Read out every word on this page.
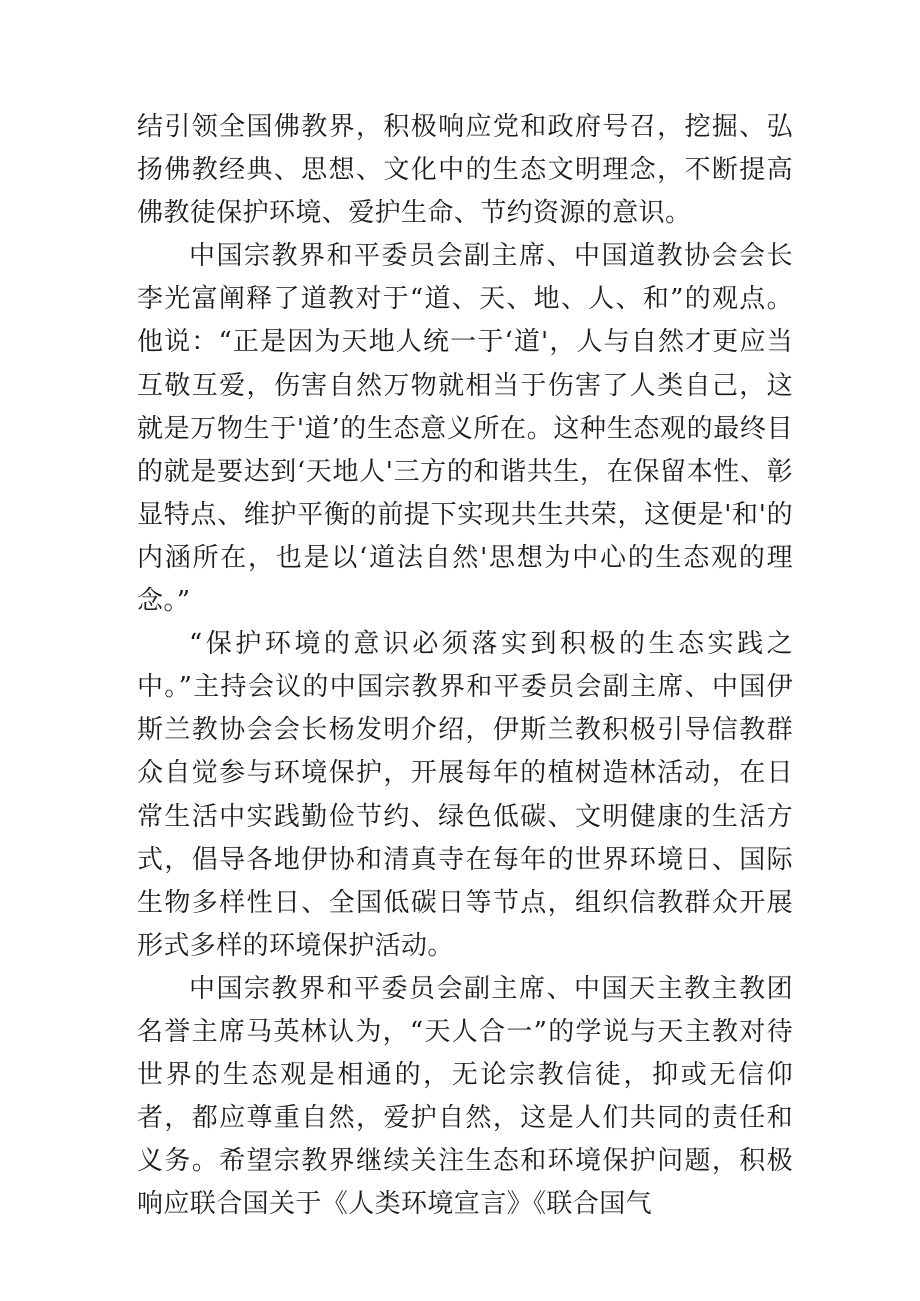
结引领全国佛教界，积极响应党和政府号召，挖掘、弘扬佛教经典、思想、文化中的生态文明理念，不断提高佛教徒保护环境、爱护生命、节约资源的意识。

中国宗教界和平委员会副主席、中国道教协会会长李光富阐释了道教对于“道、天、地、人、和”的观点。他说：“正是因为天地人统一于‘道'，人与自然才更应当互敬互爱，伤害自然万物就相当于伤害了人类自己，这就是万物生于'道’的生态意义所在。这种生态观的最终目的就是要达到‘天地人'三方的和谐共生，在保留本性、彰显特点、维护平衡的前提下实现共生共荣，这便是'和'的内涵所在，也是以‘道法自然'思想为中心的生态观的理念。”

“保护环境的意识必须落实到积极的生态实践之中。”主持会议的中国宗教界和平委员会副主席、中国伊斯兰教协会会长杨发明介绍，伊斯兰教积极引导信教群众自觉参与环境保护，开展每年的植树造林活动，在日常生活中实践勤俭节约、绿色低碳、文明健康的生活方式，倡导各地伊协和清真寺在每年的世界环境日、国际生物多样性日、全国低碳日等节点，组织信教群众开展形式多样的环境保护活动。

中国宗教界和平委员会副主席、中国天主教主教团名誉主席马英林认为，“天人合一”的学说与天主教对待世界的生态观是相通的，无论宗教信徒，抑或无信仰者，都应尊重自然，爱护自然，这是人们共同的责任和义务。希望宗教界继续关注生态和环境保护问题，积极响应联合国关于《人类环境宣言》《联合国气
